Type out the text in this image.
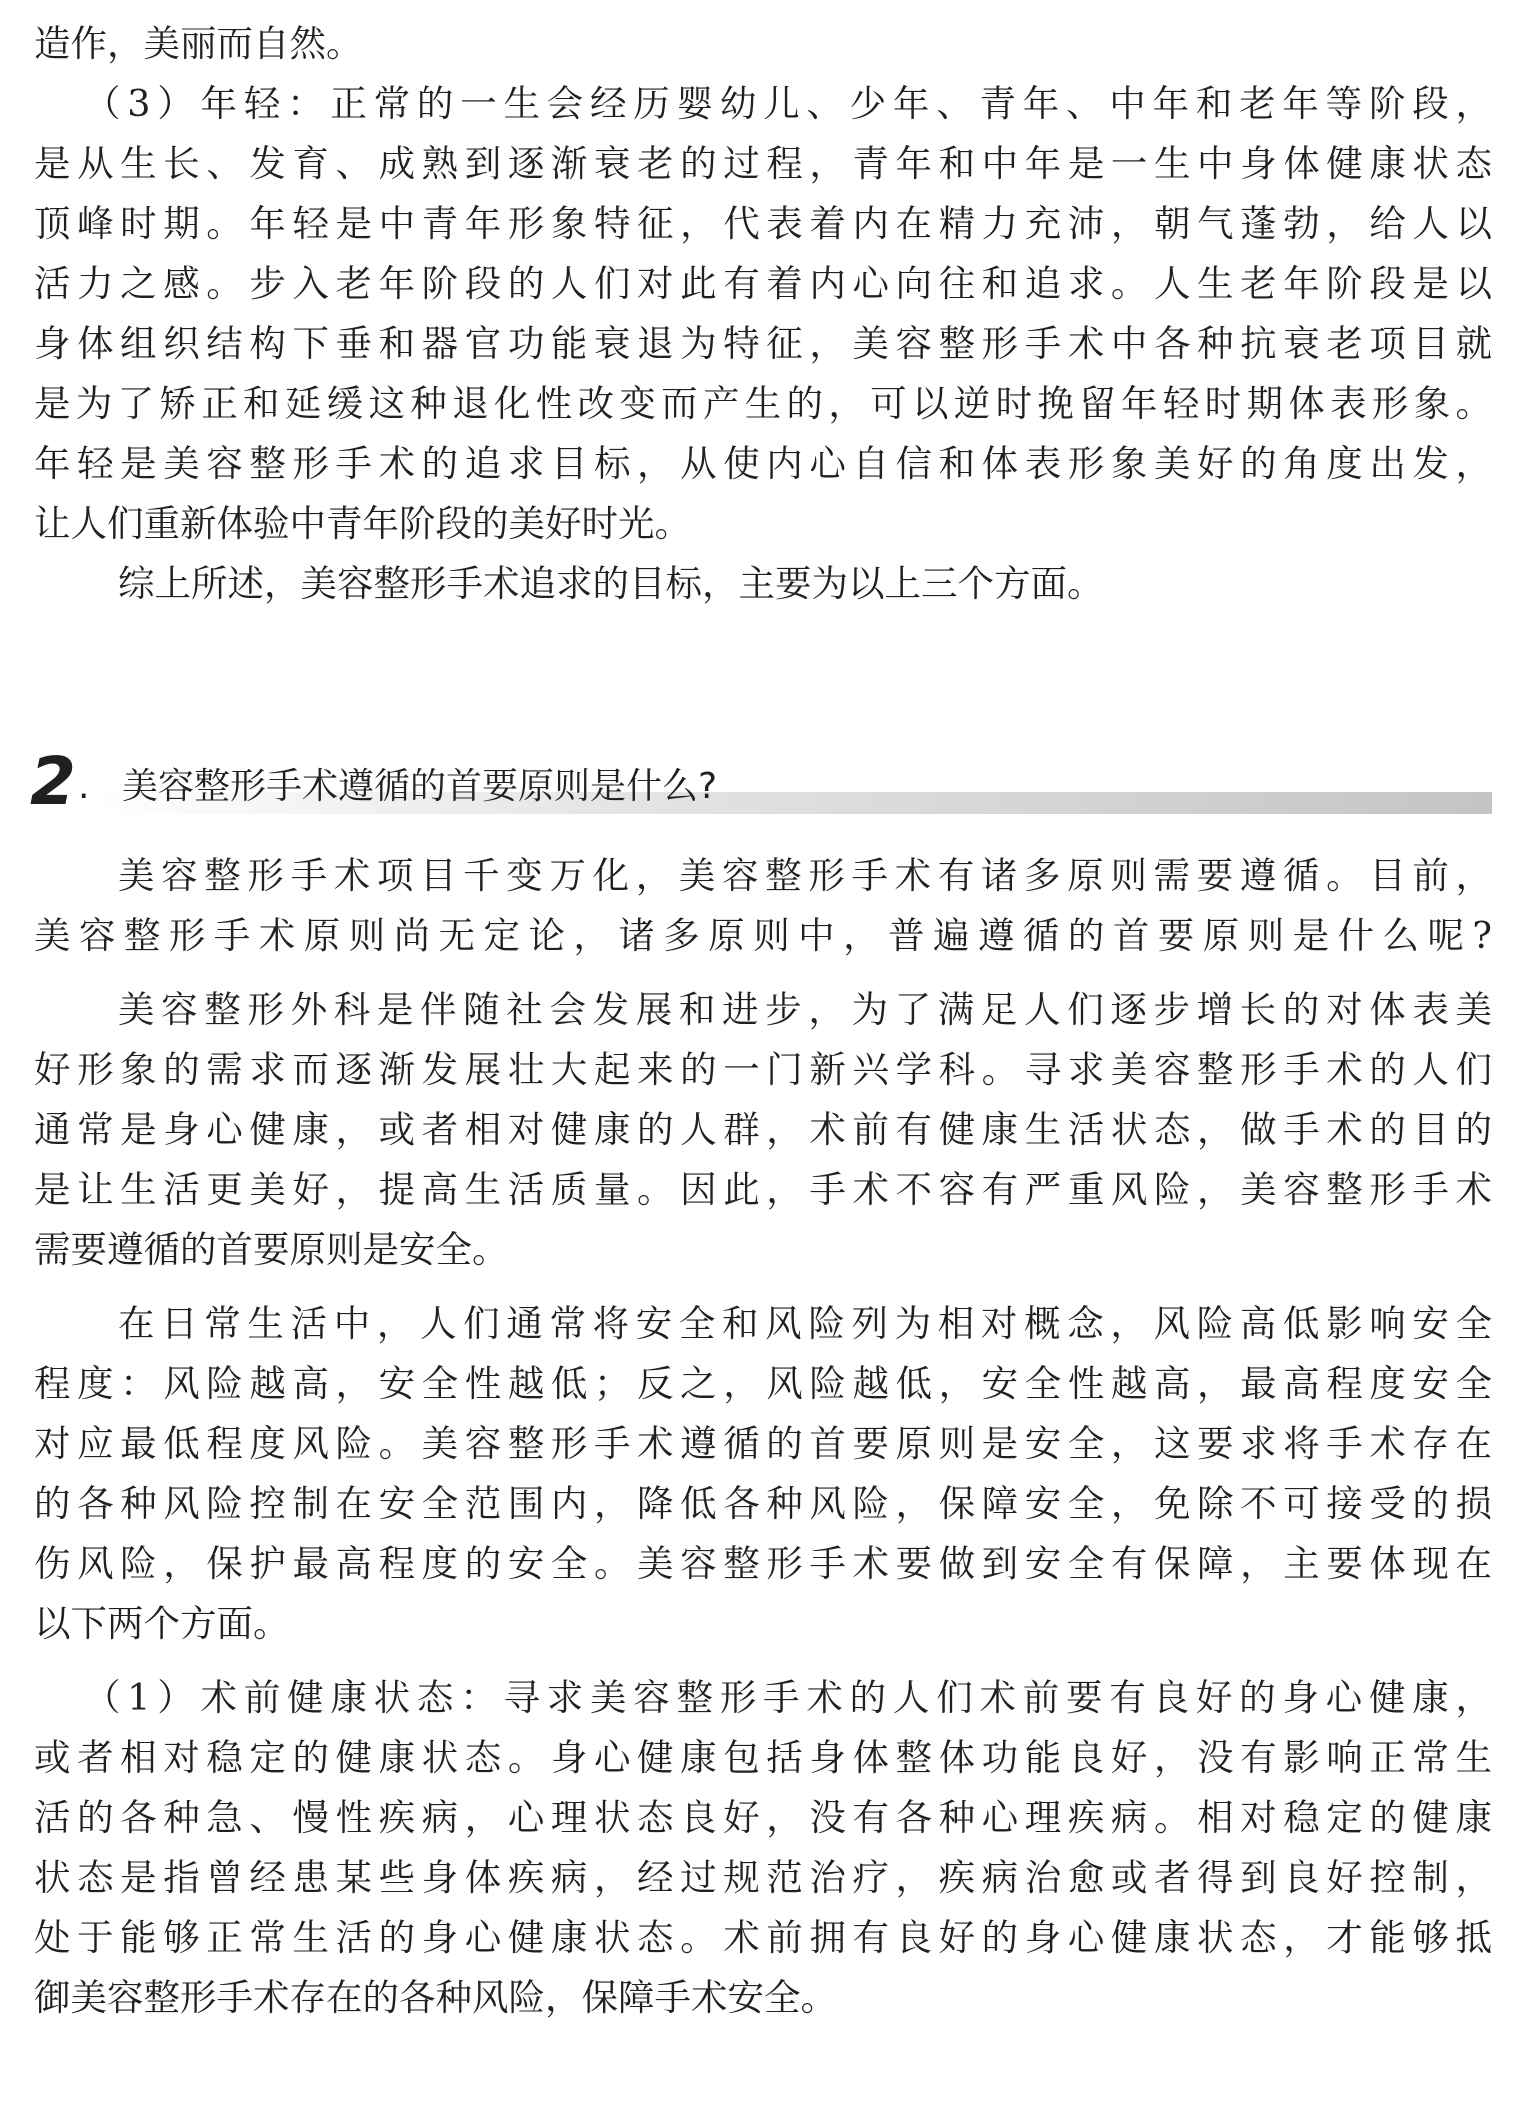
造作，美丽而自然。
（3）年轻：正常的一生会经历婴幼儿、少年、青年、中年和老年等阶段，
是从生长、发育、成熟到逐渐衰老的过程，青年和中年是一生中身体健康状态
顶峰时期。年轻是中青年形象特征，代表着内在精力充沛，朝气蓬勃，给人以
活力之感。步入老年阶段的人们对此有着内心向往和追求。人生老年阶段是以
身体组织结构下垂和器官功能衰退为特征，美容整形手术中各种抗衰老项目就
是为了矫正和延缓这种退化性改变而产生的，可以逆时挽留年轻时期体表形象。
年轻是美容整形手术的追求目标，从使内心自信和体表形象美好的角度出发，
让人们重新体验中青年阶段的美好时光。
综上所述，美容整形手术追求的目标，主要为以上三个方面。
2 . 美容整形手术遵循的首要原则是什么?
美容整形手术项目千变万化，美容整形手术有诸多原则需要遵循。目前，
美容整形手术原则尚无定论，诸多原则中，普遍遵循的首要原则是什么呢?
美容整形外科是伴随社会发展和进步，为了满足人们逐步增长的对体表美
好形象的需求而逐渐发展壮大起来的一门新兴学科。寻求美容整形手术的人们
通常是身心健康，或者相对健康的人群，术前有健康生活状态，做手术的目的
是让生活更美好，提高生活质量。因此，手术不容有严重风险，美容整形手术
需要遵循的首要原则是安全。
在日常生活中，人们通常将安全和风险列为相对概念，风险高低影响安全
程度：风险越高，安全性越低；反之，风险越低，安全性越高，最高程度安全
对应最低程度风险。美容整形手术遵循的首要原则是安全，这要求将手术存在
的各种风险控制在安全范围内，降低各种风险，保障安全，免除不可接受的损
伤风险，保护最高程度的安全。美容整形手术要做到安全有保障，主要体现在
以下两个方面。
（1）术前健康状态：寻求美容整形手术的人们术前要有良好的身心健康，
或者相对稳定的健康状态。身心健康包括身体整体功能良好，没有影响正常生
活的各种急、慢性疾病，心理状态良好，没有各种心理疾病。相对稳定的健康
状态是指曾经患某些身体疾病，经过规范治疗，疾病治愈或者得到良好控制，
处于能够正常生活的身心健康状态。术前拥有良好的身心健康状态，才能够抵
御美容整形手术存在的各种风险，保障手术安全。
